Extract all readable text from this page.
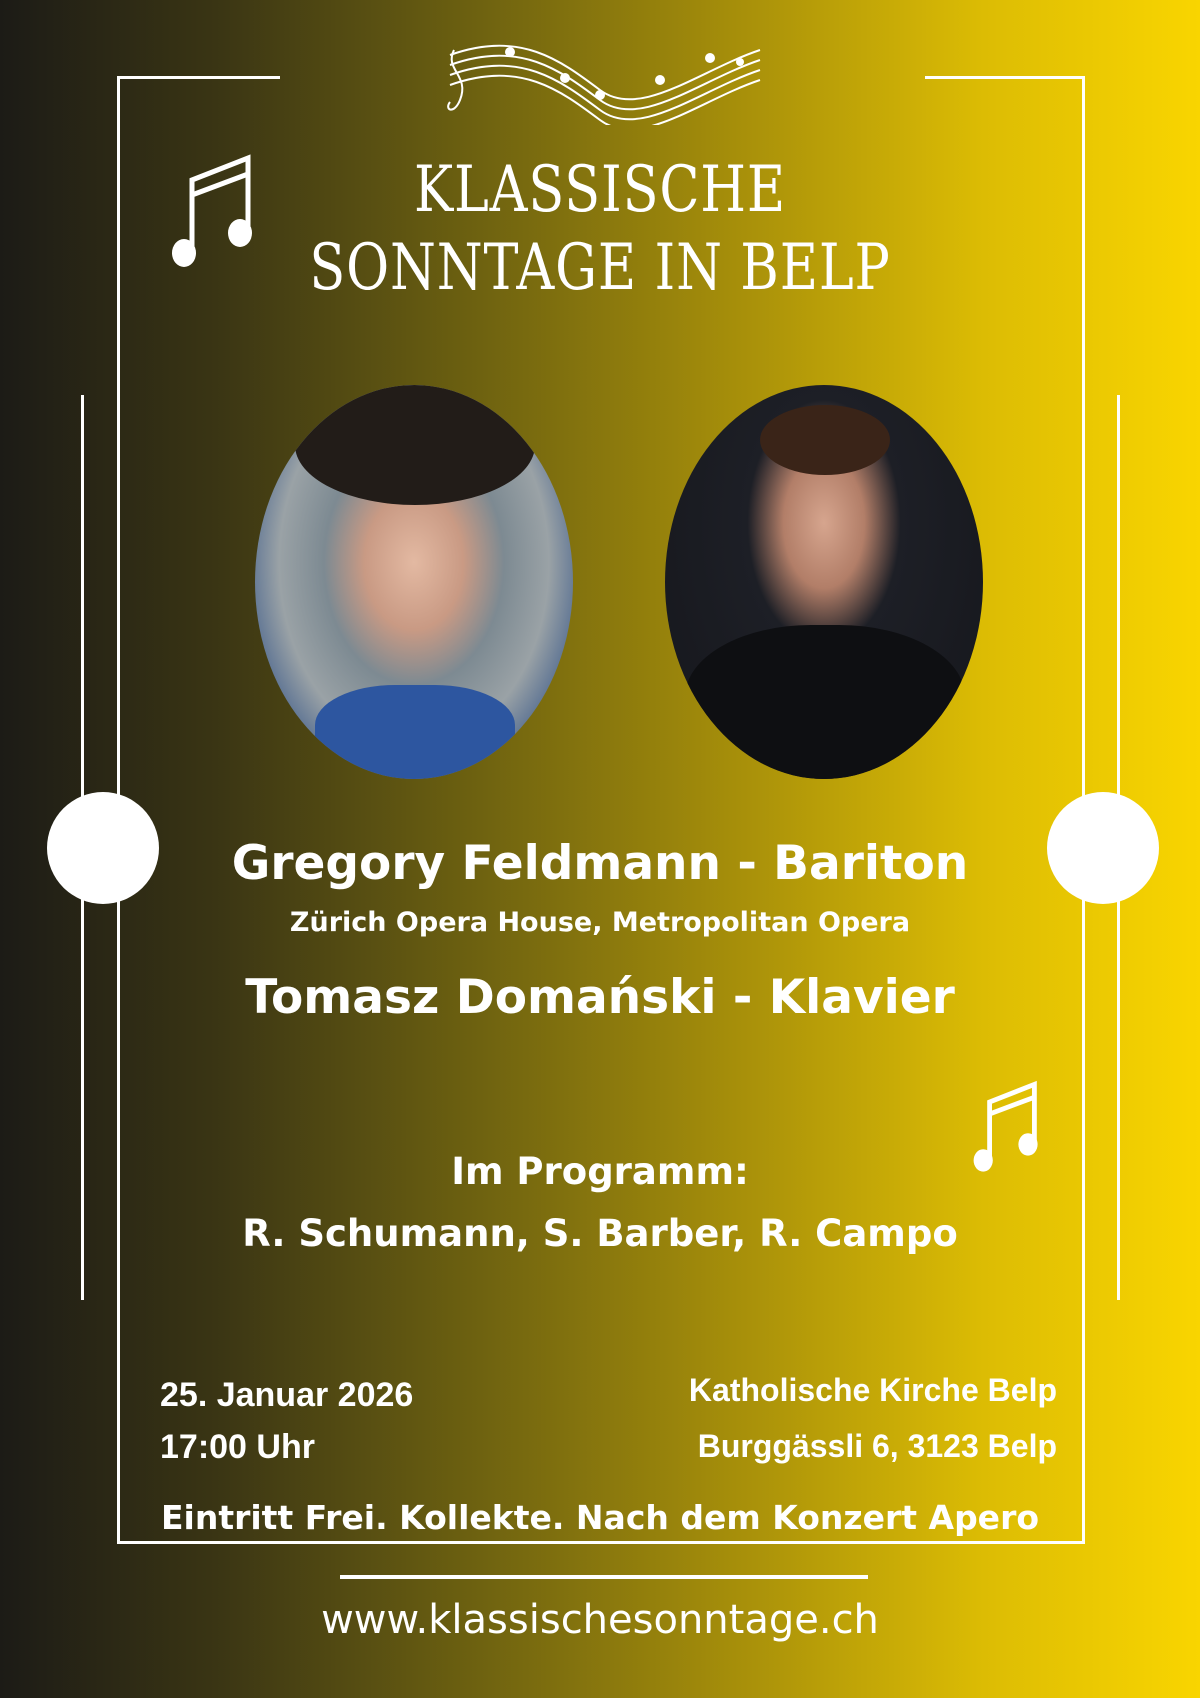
KLASSISCHE
SONNTAGE IN BELP
Gregory Feldmann - Bariton
Zürich Opera House, Metropolitan Opera
Tomasz Domański - Klavier
Im Programm:
R. Schumann, S. Barber, R. Campo
25. Januar 2026
17:00 Uhr
Katholische Kirche Belp
Burggässli 6, 3123 Belp
Eintritt Frei. Kollekte. Nach dem Konzert Apero
www.klassischesonntage.ch
